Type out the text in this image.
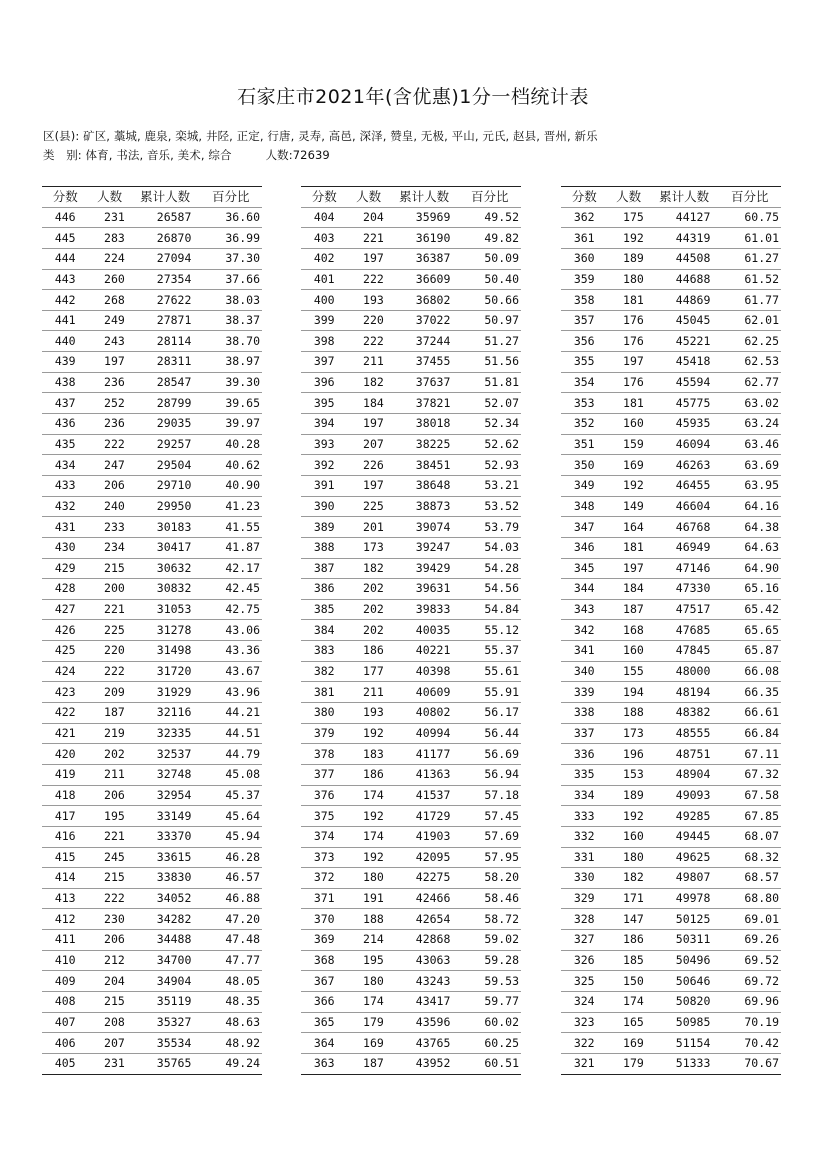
石家庄市2021年(含优惠)1分一档统计表
区(县): 矿区, 藁城, 鹿泉, 栾城, 井陉, 正定, 行唐, 灵寿, 高邑, 深泽, 赞皇, 无极, 平山, 元氏, 赵县, 晋州, 新乐
类　别: 体育, 书法, 音乐, 美术, 综合	人数:72639
分数	人数	累计人数	百分比
446	231	26587	36.60
445	283	26870	36.99
444	224	27094	37.30
443	260	27354	37.66
442	268	27622	38.03
441	249	27871	38.37
440	243	28114	38.70
439	197	28311	38.97
438	236	28547	39.30
437	252	28799	39.65
436	236	29035	39.97
435	222	29257	40.28
434	247	29504	40.62
433	206	29710	40.90
432	240	29950	41.23
431	233	30183	41.55
430	234	30417	41.87
429	215	30632	42.17
428	200	30832	42.45
427	221	31053	42.75
426	225	31278	43.06
425	220	31498	43.36
424	222	31720	43.67
423	209	31929	43.96
422	187	32116	44.21
421	219	32335	44.51
420	202	32537	44.79
419	211	32748	45.08
418	206	32954	45.37
417	195	33149	45.64
416	221	33370	45.94
415	245	33615	46.28
414	215	33830	46.57
413	222	34052	46.88
412	230	34282	47.20
411	206	34488	47.48
410	212	34700	47.77
409	204	34904	48.05
408	215	35119	48.35
407	208	35327	48.63
406	207	35534	48.92
405	231	35765	49.24
分数	人数	累计人数	百分比
404	204	35969	49.52
403	221	36190	49.82
402	197	36387	50.09
401	222	36609	50.40
400	193	36802	50.66
399	220	37022	50.97
398	222	37244	51.27
397	211	37455	51.56
396	182	37637	51.81
395	184	37821	52.07
394	197	38018	52.34
393	207	38225	52.62
392	226	38451	52.93
391	197	38648	53.21
390	225	38873	53.52
389	201	39074	53.79
388	173	39247	54.03
387	182	39429	54.28
386	202	39631	54.56
385	202	39833	54.84
384	202	40035	55.12
383	186	40221	55.37
382	177	40398	55.61
381	211	40609	55.91
380	193	40802	56.17
379	192	40994	56.44
378	183	41177	56.69
377	186	41363	56.94
376	174	41537	57.18
375	192	41729	57.45
374	174	41903	57.69
373	192	42095	57.95
372	180	42275	58.20
371	191	42466	58.46
370	188	42654	58.72
369	214	42868	59.02
368	195	43063	59.28
367	180	43243	59.53
366	174	43417	59.77
365	179	43596	60.02
364	169	43765	60.25
363	187	43952	60.51
分数	人数	累计人数	百分比
362	175	44127	60.75
361	192	44319	61.01
360	189	44508	61.27
359	180	44688	61.52
358	181	44869	61.77
357	176	45045	62.01
356	176	45221	62.25
355	197	45418	62.53
354	176	45594	62.77
353	181	45775	63.02
352	160	45935	63.24
351	159	46094	63.46
350	169	46263	63.69
349	192	46455	63.95
348	149	46604	64.16
347	164	46768	64.38
346	181	46949	64.63
345	197	47146	64.90
344	184	47330	65.16
343	187	47517	65.42
342	168	47685	65.65
341	160	47845	65.87
340	155	48000	66.08
339	194	48194	66.35
338	188	48382	66.61
337	173	48555	66.84
336	196	48751	67.11
335	153	48904	67.32
334	189	49093	67.58
333	192	49285	67.85
332	160	49445	68.07
331	180	49625	68.32
330	182	49807	68.57
329	171	49978	68.80
328	147	50125	69.01
327	186	50311	69.26
326	185	50496	69.52
325	150	50646	69.72
324	174	50820	69.96
323	165	50985	70.19
322	169	51154	70.42
321	179	51333	70.67
